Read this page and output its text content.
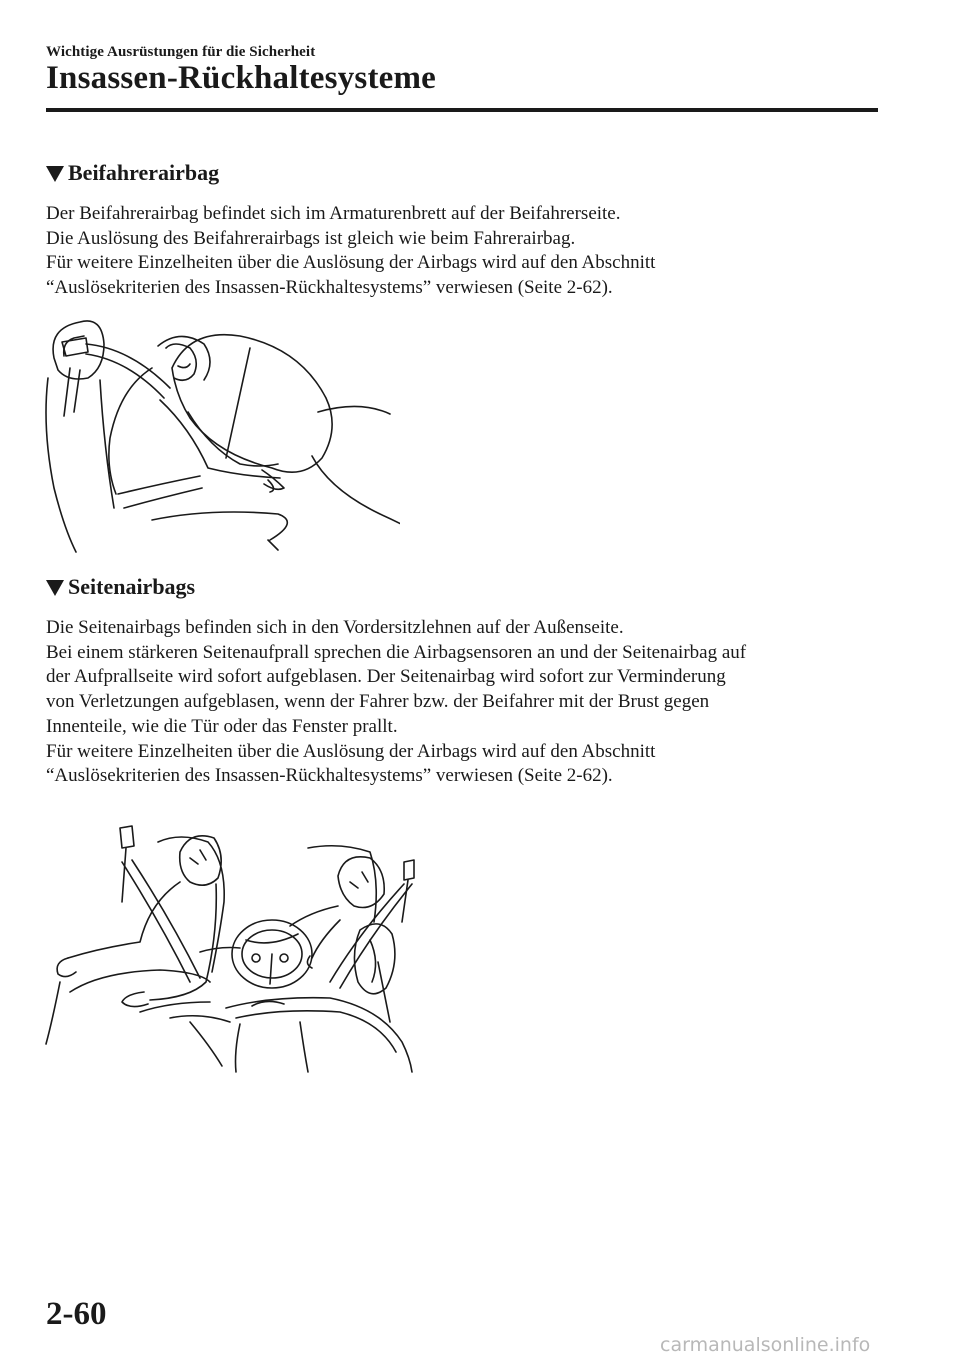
Wichtige Ausrüstungen für die Sicherheit
Insassen-Rückhaltesysteme
Beifahrerairbag
Der Beifahrerairbag befindet sich im Armaturenbrett auf der Beifahrerseite.
Die Auslösung des Beifahrerairbags ist gleich wie beim Fahrerairbag.
Für weitere Einzelheiten über die Auslösung der Airbags wird auf den Abschnitt
“Auslösekriterien des Insassen-Rückhaltesystems” verwiesen (Seite 2-62).
Seitenairbags
Die Seitenairbags befinden sich in den Vordersitzlehnen auf der Außenseite.
Bei einem stärkeren Seitenaufprall sprechen die Airbagsensoren an und der Seitenairbag auf
der Aufprallseite wird sofort aufgeblasen. Der Seitenairbag wird sofort zur Verminderung
von Verletzungen aufgeblasen, wenn der Fahrer bzw. der Beifahrer mit der Brust gegen
Innenteile, wie die Tür oder das Fenster prallt.
Für weitere Einzelheiten über die Auslösung der Airbags wird auf den Abschnitt
“Auslösekriterien des Insassen-Rückhaltesystems” verwiesen (Seite 2-62).
2-60
carmanualsonline.info
